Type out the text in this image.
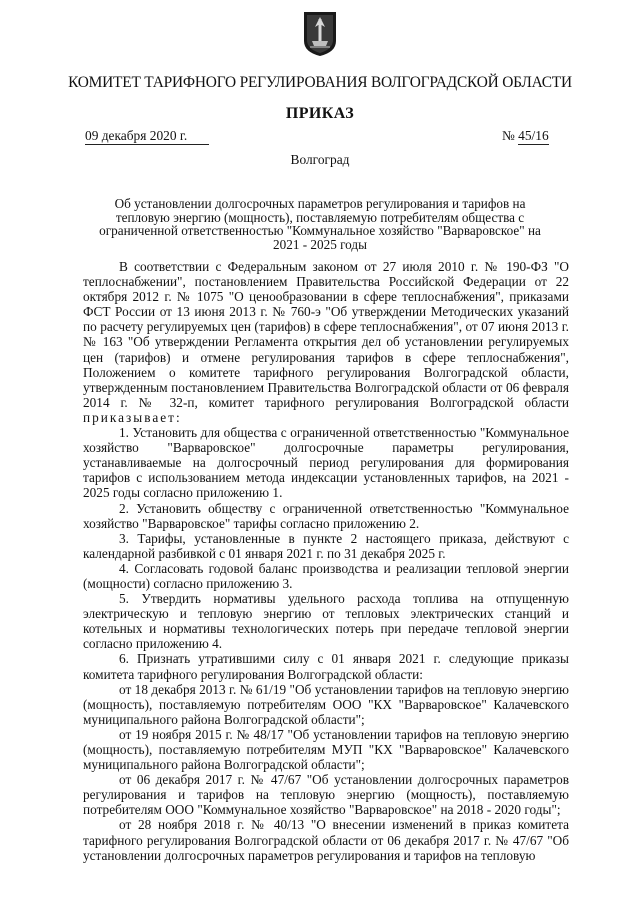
КОМИТЕТ ТАРИФНОГО РЕГУЛИРОВАНИЯ ВОЛГОГРАДСКОЙ ОБЛАСТИ
ПРИКАЗ
09 декабря 2020 г.	№ 45/16
Волгоград
Об установлении долгосрочных параметров регулирования и тарифов на тепловую энергию (мощность), поставляемую потребителям общества с ограниченной ответственностью "Коммунальное хозяйство "Варваровское" на 2021 - 2025 годы

В соответствии с Федеральным законом от 27 июля 2010 г. № 190-ФЗ "О теплоснабжении", постановлением Правительства Российской Федерации от 22 октября 2012 г. № 1075 "О ценообразовании в сфере теплоснабжения", приказами ФСТ России от 13 июня 2013 г. № 760-э "Об утверждении Методических указаний по расчету регулируемых цен (тарифов) в сфере теплоснабжения", от 07 июня 2013 г. № 163 "Об утверждении Регламента открытия дел об установлении регулируемых цен (тарифов) и отмене регулирования тарифов в сфере теплоснабжения", Положением о комитете тарифного регулирования Волгоградской области, утвержденным постановлением Правительства Волгоградской области от 06 февраля 2014 г. № 32-п, комитет тарифного регулирования Волгоградской области приказывает:

1. Установить для общества с ограниченной ответственностью "Коммунальное хозяйство "Варваровское" долгосрочные параметры регулирования, устанавливаемые на долгосрочный период регулирования для формирования тарифов с использованием метода индексации установленных тарифов, на 2021 - 2025 годы согласно приложению 1.

2. Установить обществу с ограниченной ответственностью "Коммунальное хозяйство "Варваровское" тарифы согласно приложению 2.

3. Тарифы, установленные в пункте 2 настоящего приказа, действуют с календарной разбивкой с 01 января 2021 г. по 31 декабря 2025 г.

4. Согласовать годовой баланс производства и реализации тепловой энергии (мощности) согласно приложению 3.

5. Утвердить нормативы удельного расхода топлива на отпущенную электрическую и тепловую энергию от тепловых электрических станций и котельных и нормативы технологических потерь при передаче тепловой энергии согласно приложению 4.

6. Признать утратившими силу с 01 января 2021 г. следующие приказы комитета тарифного регулирования Волгоградской области:

от 18 декабря 2013 г. № 61/19 "Об установлении тарифов на тепловую энергию (мощность), поставляемую потребителям ООО "КХ "Варваровское" Калачевского муниципального района Волгоградской области";

от 19 ноября 2015 г. № 48/17 "Об установлении тарифов на тепловую энергию (мощность), поставляемую потребителям МУП "КХ "Варваровское" Калачевского муниципального района Волгоградской области";

от 06 декабря 2017 г. № 47/67 "Об установлении долгосрочных параметров регулирования и тарифов на тепловую энергию (мощность), поставляемую потребителям ООО "Коммунальное хозяйство "Варваровское" на 2018 - 2020 годы";

от 28 ноября 2018 г. № 40/13 "О внесении изменений в приказ комитета тарифного регулирования Волгоградской области от 06 декабря 2017 г. № 47/67 "Об установлении долгосрочных параметров регулирования и тарифов на тепловую
